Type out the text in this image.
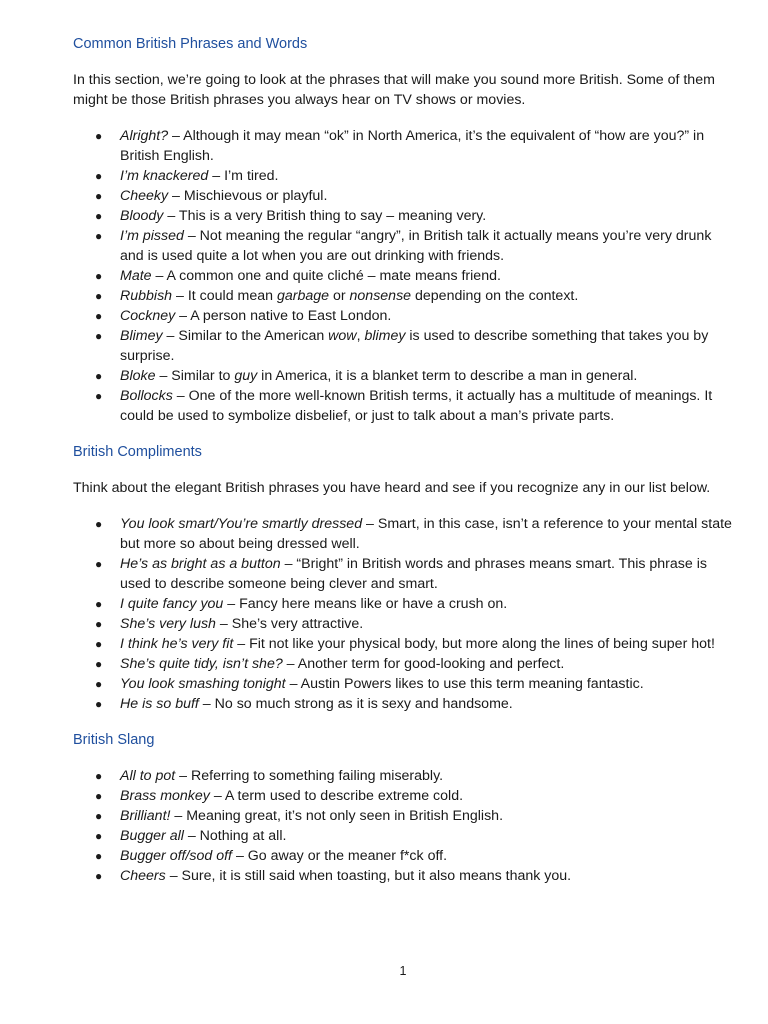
Common British Phrases and Words

In this section, we’re going to look at the phrases that will make you sound more British. Some of them might be those British phrases you always hear on TV shows or movies.

● Alright? – Although it may mean “ok” in North America, it’s the equivalent of “how are you?” in British English.
● I’m knackered – I’m tired.
● Cheeky – Mischievous or playful.
● Bloody – This is a very British thing to say – meaning very.
● I’m pissed – Not meaning the regular “angry”, in British talk it actually means you’re very drunk and is used quite a lot when you are out drinking with friends.
● Mate – A common one and quite cliché – mate means friend.
● Rubbish – It could mean garbage or nonsense depending on the context.
● Cockney – A person native to East London.
● Blimey – Similar to the American wow, blimey is used to describe something that takes you by surprise.
● Bloke – Similar to guy in America, it is a blanket term to describe a man in general.
● Bollocks – One of the more well-known British terms, it actually has a multitude of meanings. It could be used to symbolize disbelief, or just to talk about a man’s private parts.
British Compliments

Think about the elegant British phrases you have heard and see if you recognize any in our list below.

● You look smart/You’re smartly dressed – Smart, in this case, isn’t a reference to your mental state but more so about being dressed well.
● He’s as bright as a button – “Bright” in British words and phrases means smart. This phrase is used to describe someone being clever and smart.
● I quite fancy you – Fancy here means like or have a crush on.
● She’s very lush – She’s very attractive.
● I think he’s very fit – Fit not like your physical body, but more along the lines of being super hot!
● She’s quite tidy, isn’t she? – Another term for good-looking and perfect.
● You look smashing tonight – Austin Powers likes to use this term meaning fantastic.
● He is so buff – No so much strong as it is sexy and handsome.
British Slang
● All to pot – Referring to something failing miserably.
● Brass monkey – A term used to describe extreme cold.
● Brilliant! – Meaning great, it’s not only seen in British English.
● Bugger all – Nothing at all.
● Bugger off/sod off – Go away or the meaner f*ck off.
● Cheers – Sure, it is still said when toasting, but it also means thank you.
1
